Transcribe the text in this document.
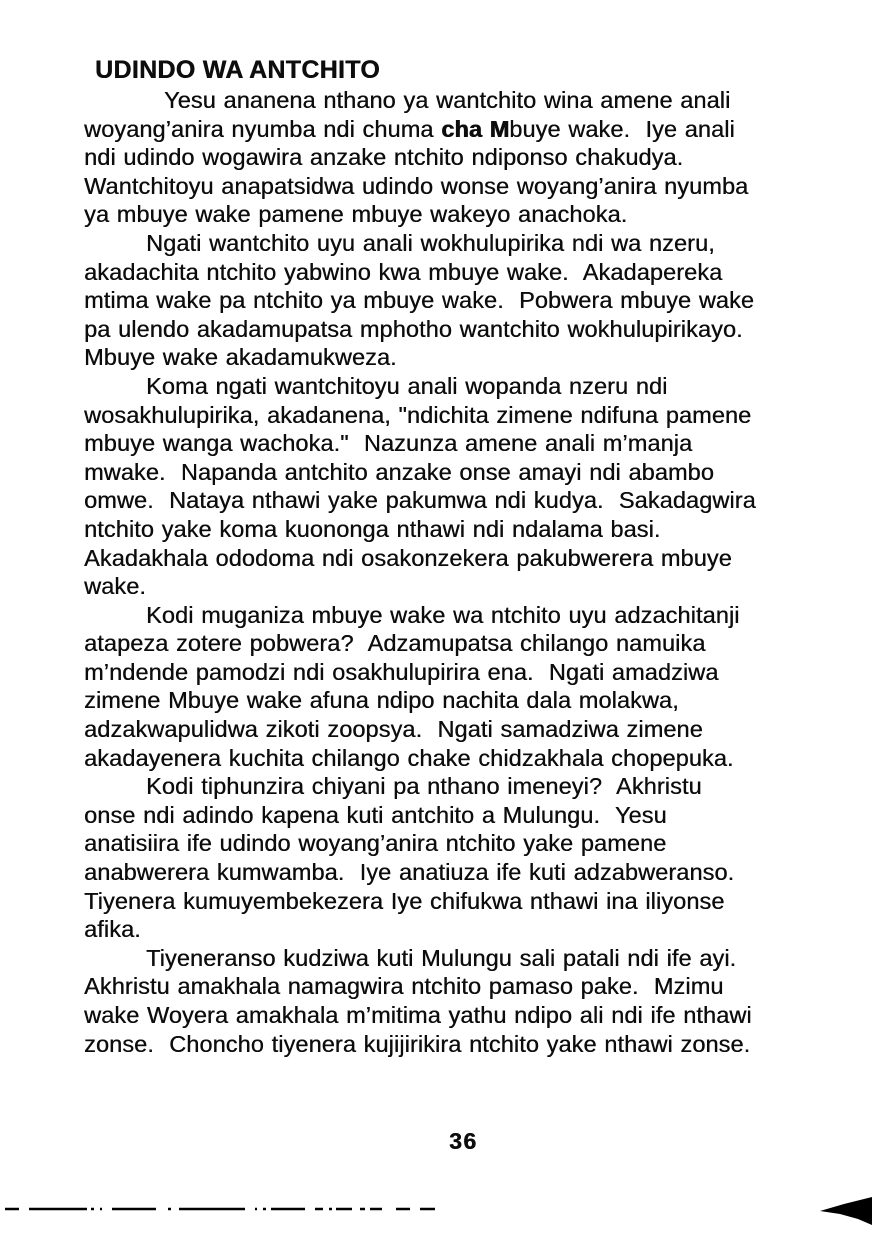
UDINDO WA ANTCHITO
Yesu ananena nthano ya wantchito wina amene anali
woyang’anira nyumba ndi chuma cha Mbuye wake.  Iye anali
ndi udindo wogawira anzake ntchito ndiponso chakudya.
Wantchitoyu anapatsidwa udindo wonse woyang’anira nyumba
ya mbuye wake pamene mbuye wakeyo anachoka.
Ngati wantchito uyu anali wokhulupirika ndi wa nzeru,
akadachita ntchito yabwino kwa mbuye wake.  Akadapereka
mtima wake pa ntchito ya mbuye wake.  Pobwera mbuye wake
pa ulendo akadamupatsa mphotho wantchito wokhulupirikayo.
Mbuye wake akadamukweza.
Koma ngati wantchitoyu anali wopanda nzeru ndi
wosakhulupirika, akadanena, "ndichita zimene ndifuna pamene
mbuye wanga wachoka."  Nazunza amene anali m’manja
mwake.  Napanda antchito anzake onse amayi ndi abambo
omwe.  Nataya nthawi yake pakumwa ndi kudya.  Sakadagwira
ntchito yake koma kuononga nthawi ndi ndalama basi.
Akadakhala ododoma ndi osakonzekera pakubwerera mbuye
wake.
Kodi muganiza mbuye wake wa ntchito uyu adzachitanji
atapeza zotere pobwera?  Adzamupatsa chilango namuika
m’ndende pamodzi ndi osakhulupirira ena.  Ngati amadziwa
zimene Mbuye wake afuna ndipo nachita dala molakwa,
adzakwapulidwa zikoti zoopsya.  Ngati samadziwa zimene
akadayenera kuchita chilango chake chidzakhala chopepuka.
Kodi tiphunzira chiyani pa nthano imeneyi?  Akhristu
onse ndi adindo kapena kuti antchito a Mulungu.  Yesu
anatisiira ife udindo woyang’anira ntchito yake pamene
anabwerera kumwamba.  Iye anatiuza ife kuti adzabweranso.
Tiyenera kumuyembekezera Iye chifukwa nthawi ina iliyonse
afika.
Tiyeneranso kudziwa kuti Mulungu sali patali ndi ife ayi.
Akhristu amakhala namagwira ntchito pamaso pake.  Mzimu
wake Woyera amakhala m’mitima yathu ndipo ali ndi ife nthawi
zonse.  Choncho tiyenera kujijirikira ntchito yake nthawi zonse.
36
